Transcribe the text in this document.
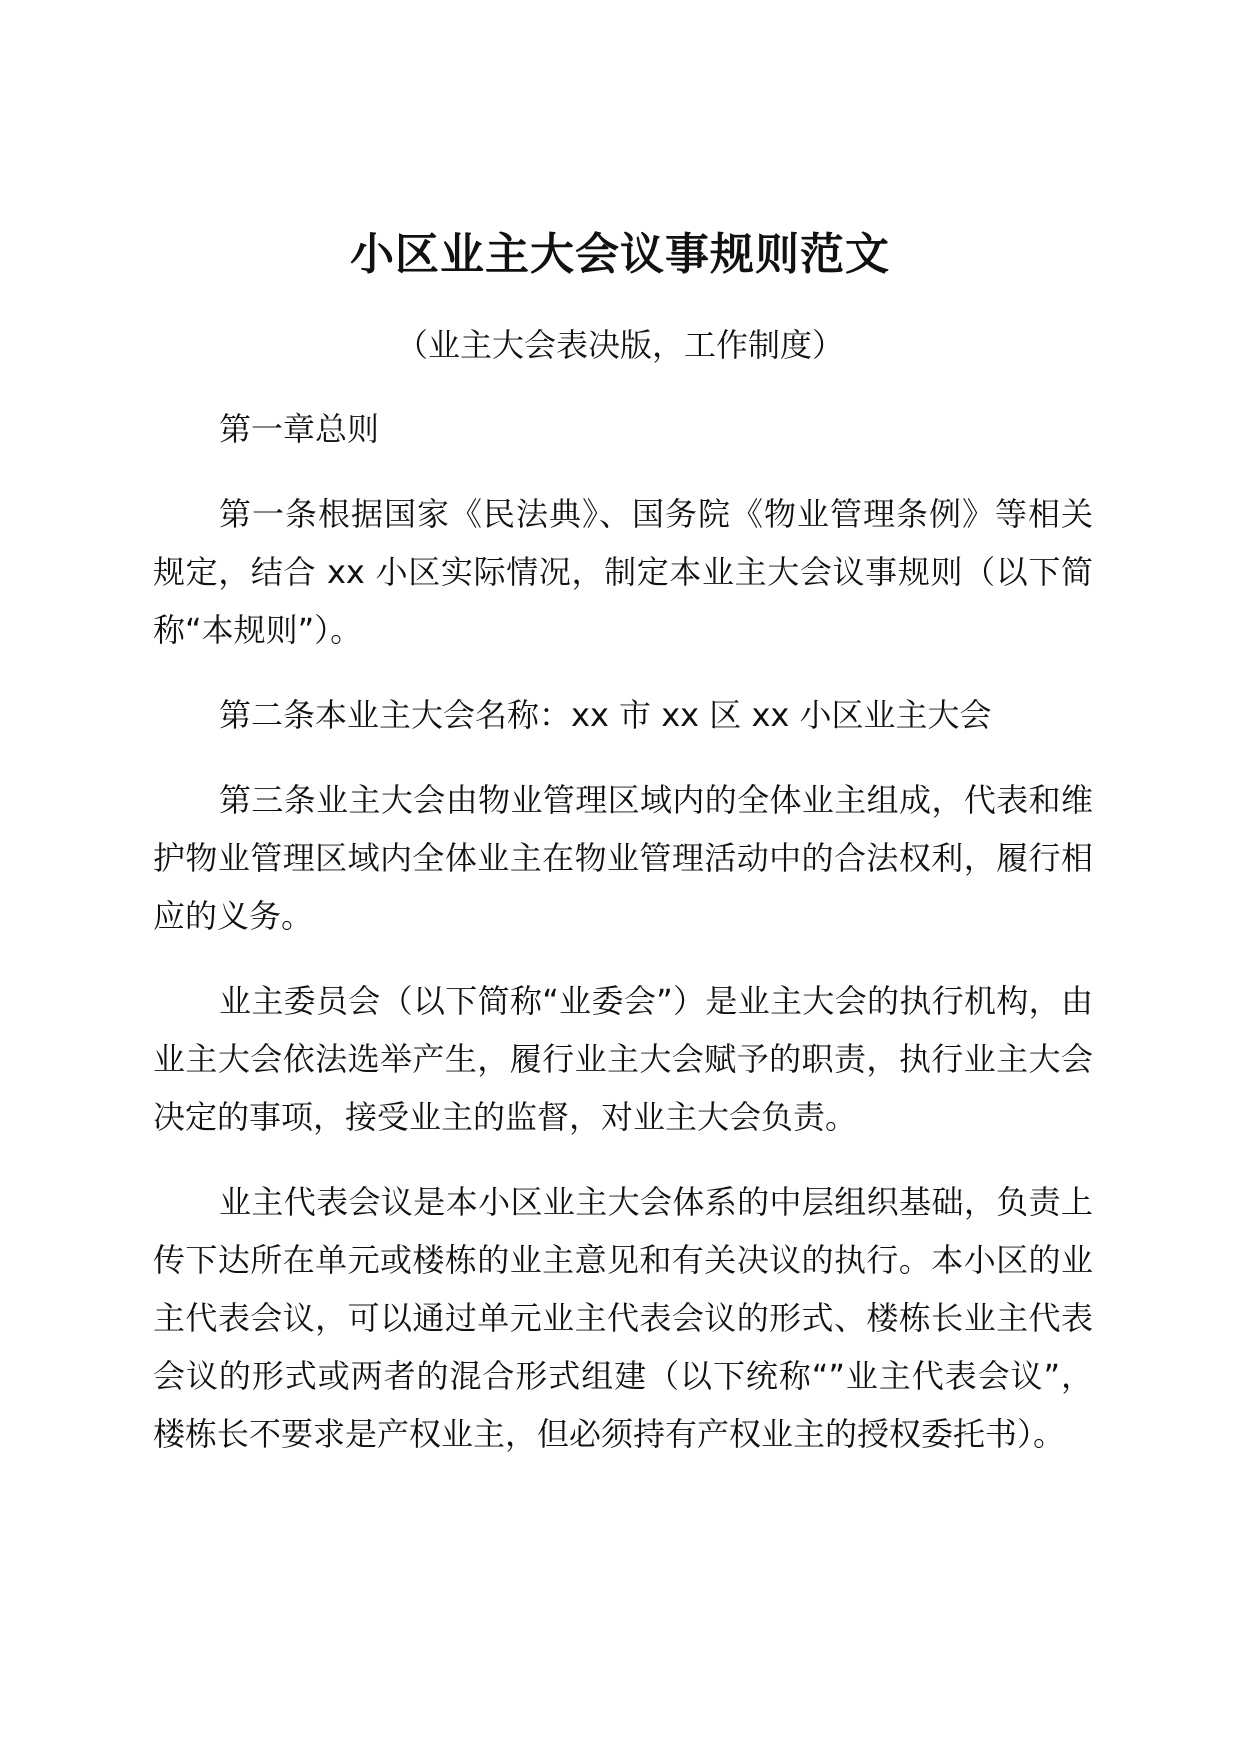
小区业主大会议事规则范文
（业主大会表决版，工作制度）

第一章总则

第一条根据国家《民法典》、国务院《物业管理条例》等相关规定，结合 xx 小区实际情况，制定本业主大会议事规则（以下简称“本规则”）。

第二条本业主大会名称：xx 市 xx 区 xx 小区业主大会

第三条业主大会由物业管理区域内的全体业主组成，代表和维护物业管理区域内全体业主在物业管理活动中的合法权利，履行相应的义务。

业主委员会（以下简称“业委会”）是业主大会的执行机构，由业主大会依法选举产生，履行业主大会赋予的职责，执行业主大会决定的事项，接受业主的监督，对业主大会负责。

业主代表会议是本小区业主大会体系的中层组织基础，负责上传下达所在单元或楼栋的业主意见和有关决议的执行。本小区的业主代表会议，可以通过单元业主代表会议的形式、楼栋长业主代表会议的形式或两者的混合形式组建（以下统称“”业主代表会议”，楼栋长不要求是产权业主，但必须持有产权业主的授权委托书）。
